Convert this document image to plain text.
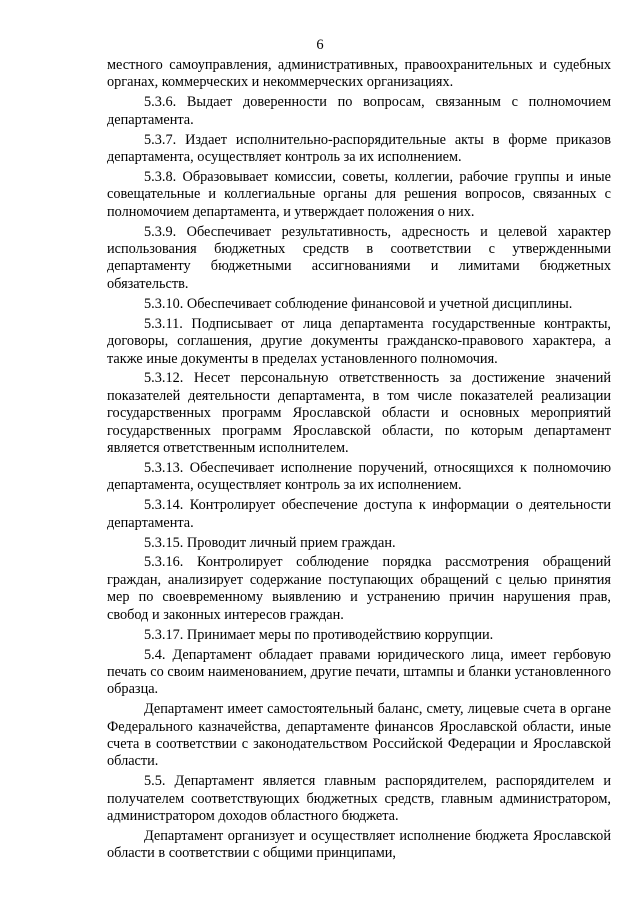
6

местного самоуправления, административных, правоохранительных и судебных органах, коммерческих и некоммерческих организациях.

5.3.6. Выдает доверенности по вопросам, связанным с полномочием департамента.

5.3.7. Издает исполнительно-распорядительные акты в форме приказов департамента, осуществляет контроль за их исполнением.

5.3.8. Образовывает комиссии, советы, коллегии, рабочие группы и иные совещательные и коллегиальные органы для решения вопросов, связанных с полномочием департамента, и утверждает положения о них.

5.3.9. Обеспечивает результативность, адресность и целевой характер использования бюджетных средств в соответствии с утвержденными департаменту бюджетными ассигнованиями и лимитами бюджетных обязательств.

5.3.10. Обеспечивает соблюдение финансовой и учетной дисциплины.

5.3.11. Подписывает от лица департамента государственные контракты, договоры, соглашения, другие документы гражданско-правового характера, а также иные документы в пределах установленного полномочия.

5.3.12. Несет персональную ответственность за достижение значений показателей деятельности департамента, в том числе показателей реализации государственных программ Ярославской области и основных мероприятий государственных программ Ярославской области, по которым департамент является ответственным исполнителем.

5.3.13. Обеспечивает исполнение поручений, относящихся к полномочию департамента, осуществляет контроль за их исполнением.

5.3.14. Контролирует обеспечение доступа к информации о деятельности департамента.

5.3.15. Проводит личный прием граждан.

5.3.16. Контролирует соблюдение порядка рассмотрения обращений граждан, анализирует содержание поступающих обращений с целью принятия мер по своевременному выявлению и устранению причин нарушения прав, свобод и законных интересов граждан.

5.3.17. Принимает меры по противодействию коррупции.

5.4. Департамент обладает правами юридического лица, имеет гербовую печать со своим наименованием, другие печати, штампы и бланки установленного образца.

Департамент имеет самостоятельный баланс, смету, лицевые счета в органе Федерального казначейства, департаменте финансов Ярославской области, иные счета в соответствии с законодательством Российской Федерации и Ярославской области.

5.5. Департамент является главным распорядителем, распорядителем и получателем соответствующих бюджетных средств, главным администратором, администратором доходов областного бюджета.

Департамент организует и осуществляет исполнение бюджета Ярославской области в соответствии с общими принципами,
